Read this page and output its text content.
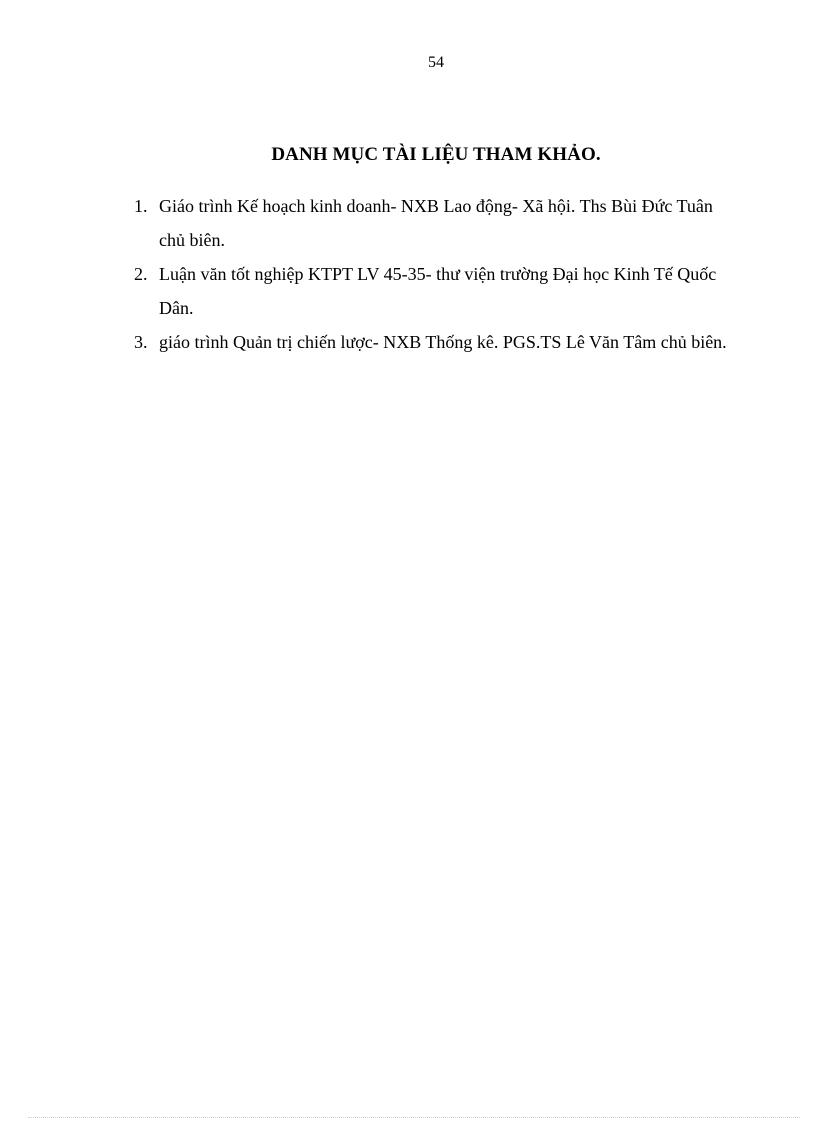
54
DANH MỤC TÀI LIỆU THAM KHẢO.
1. Giáo trình Kế hoạch kinh doanh- NXB Lao động- Xã hội. Ths Bùi Đức Tuân chủ biên.
2. Luận văn tốt nghiệp KTPT LV 45-35- thư viện trường Đại học Kinh Tế Quốc Dân.
3. giáo trình Quản trị chiến lược- NXB Thống kê. PGS.TS Lê Văn Tâm chủ biên.
